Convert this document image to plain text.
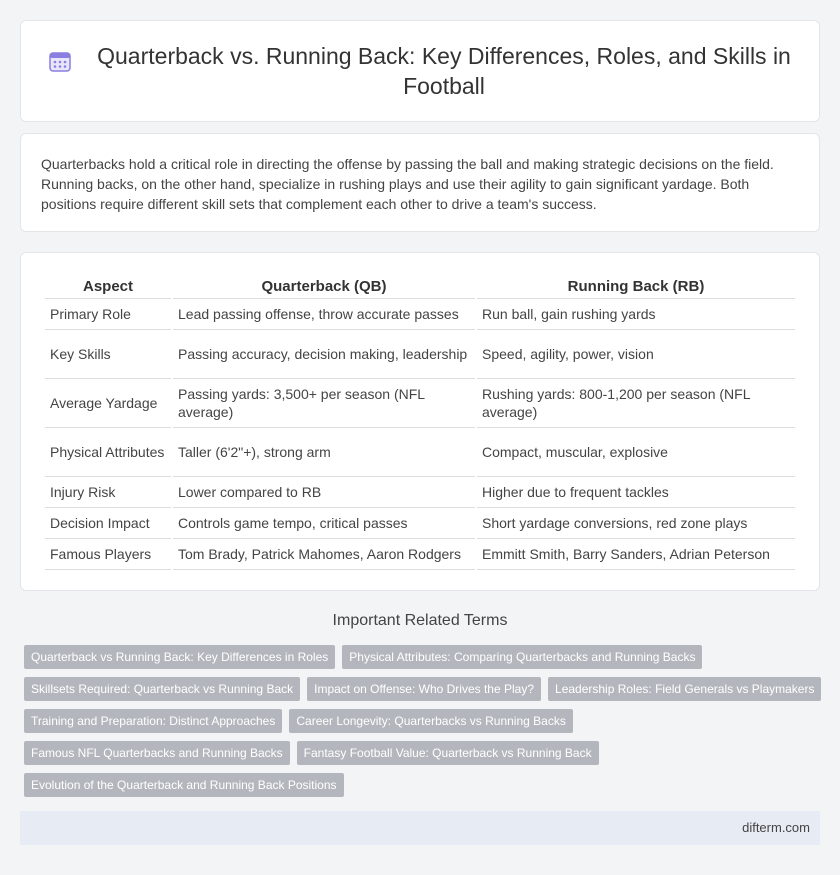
Quarterback vs. Running Back: Key Differences, Roles, and Skills in Football

Quarterbacks hold a critical role in directing the offense by passing the ball and making strategic decisions on the field. Running backs, on the other hand, specialize in rushing plays and use their agility to gain significant yardage. Both positions require different skill sets that complement each other to drive a team's success.

Aspect	Quarterback (QB)	Running Back (RB)
Primary Role	Lead passing offense, throw accurate passes	Run ball, gain rushing yards
Key Skills	Passing accuracy, decision making, leadership	Speed, agility, power, vision
Average Yardage	Passing yards: 3,500+ per season (NFL average)	Rushing yards: 800-1,200 per season (NFL average)
Physical Attributes	Taller (6'2"+), strong arm	Compact, muscular, explosive
Injury Risk	Lower compared to RB	Higher due to frequent tackles
Decision Impact	Controls game tempo, critical passes	Short yardage conversions, red zone plays
Famous Players	Tom Brady, Patrick Mahomes, Aaron Rodgers	Emmitt Smith, Barry Sanders, Adrian Peterson
Important Related Terms
Quarterback vs Running Back: Key Differences in Roles	Physical Attributes: Comparing Quarterbacks and Running Backs
Skillsets Required: Quarterback vs Running Back	Impact on Offense: Who Drives the Play?	Leadership Roles: Field Generals vs Playmakers
Training and Preparation: Distinct Approaches	Career Longevity: Quarterbacks vs Running Backs
Famous NFL Quarterbacks and Running Backs	Fantasy Football Value: Quarterback vs Running Back
Evolution of the Quarterback and Running Back Positions
difterm.com
